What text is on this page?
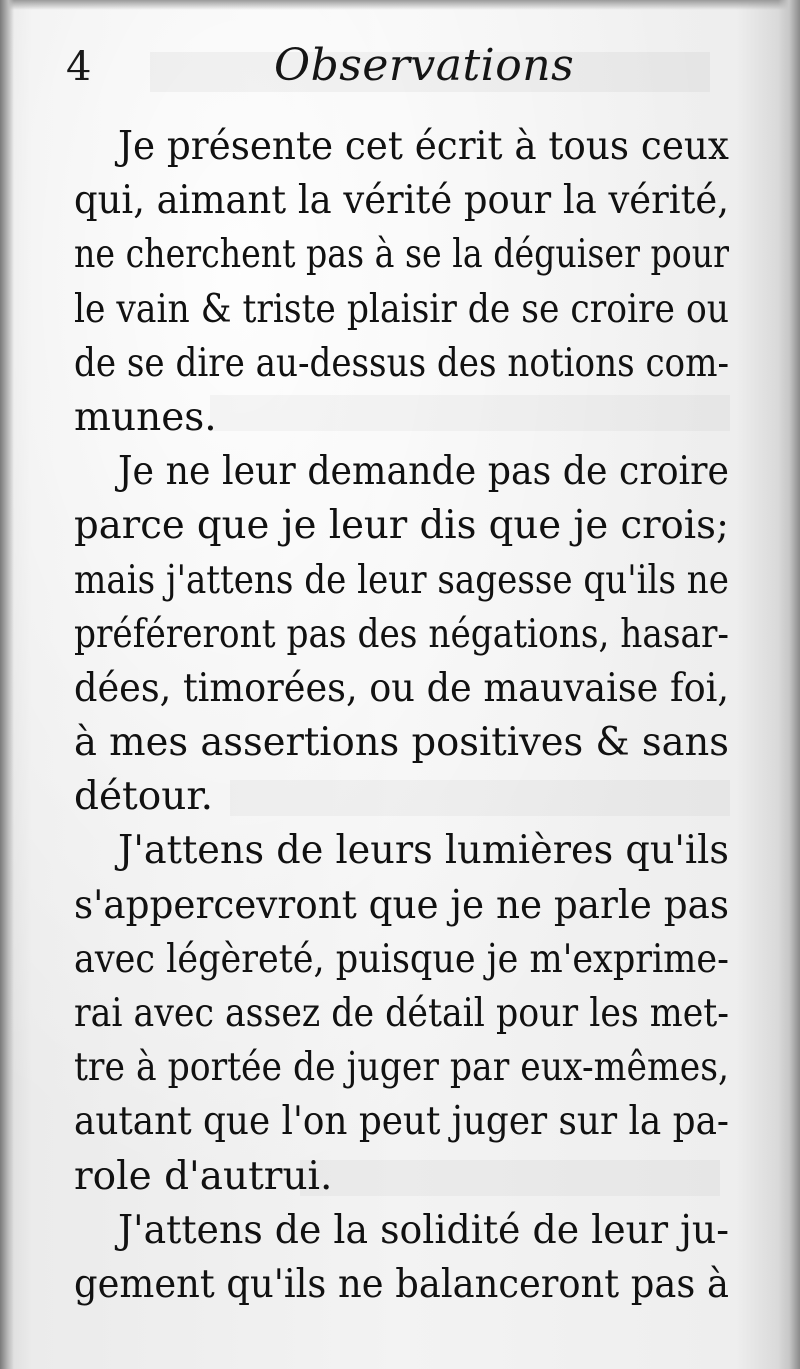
4	Observations
Je présente cet écrit à tous ceux
qui, aimant la vérité pour la vérité,
ne cherchent pas à se la déguiser pour
le vain & triste plaisir de se croire ou
de se dire au-dessus des notions com-
munes.
Je ne leur demande pas de croire
parce que je leur dis que je crois;
mais j'attens de leur sagesse qu'ils ne
préféreront pas des négations, hasar-
dées, timorées, ou de mauvaise foi,
à mes assertions positives & sans
détour.
J'attens de leurs lumières qu'ils
s'appercevront que je ne parle pas
avec légèreté, puisque je m'exprime-
rai avec assez de détail pour les met-
tre à portée de juger par eux-mêmes,
autant que l'on peut juger sur la pa-
role d'autrui.
J'attens de la solidité de leur ju-
gement qu'ils ne balanceront pas à
